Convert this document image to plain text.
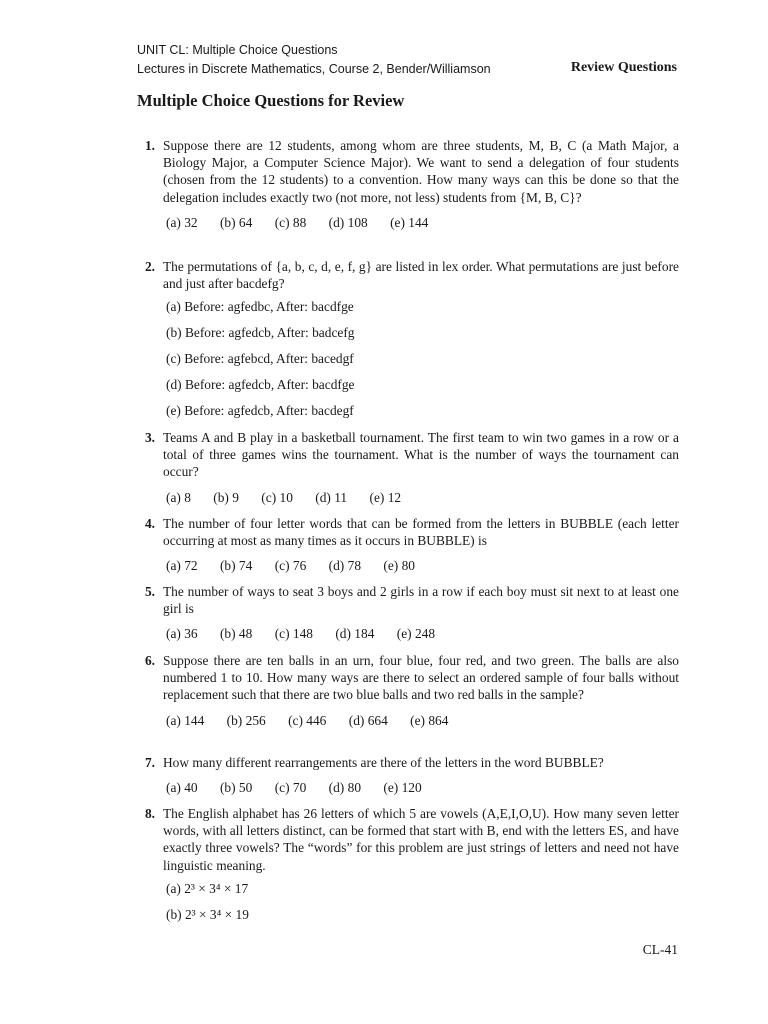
UNIT CL: Multiple Choice Questions
Lectures in Discrete Mathematics, Course 2, Bender/Williamson	Review Questions
Multiple Choice Questions for Review
1. Suppose there are 12 students, among whom are three students, M, B, C (a Math Major, a Biology Major, a Computer Science Major). We want to send a delegation of four students (chosen from the 12 students) to a convention. How many ways can this be done so that the delegation includes exactly two (not more, not less) students from {M, B, C}?
(a) 32 (b) 64 (c) 88 (d) 108 (e) 144
2. The permutations of {a, b, c, d, e, f, g} are listed in lex order. What permutations are just before and just after bacdefg?
(a) Before: agfedbc, After: bacdfge
(b) Before: agfedcb, After: badcefg
(c) Before: agfebcd, After: bacedgf
(d) Before: agfedcb, After: bacdfge
(e) Before: agfedcb, After: bacdegf
3. Teams A and B play in a basketball tournament. The first team to win two games in a row or a total of three games wins the tournament. What is the number of ways the tournament can occur?
(a) 8 (b) 9 (c) 10 (d) 11 (e) 12
4. The number of four letter words that can be formed from the letters in BUBBLE (each letter occurring at most as many times as it occurs in BUBBLE) is
(a) 72 (b) 74 (c) 76 (d) 78 (e) 80
5. The number of ways to seat 3 boys and 2 girls in a row if each boy must sit next to at least one girl is
(a) 36 (b) 48 (c) 148 (d) 184 (e) 248
6. Suppose there are ten balls in an urn, four blue, four red, and two green. The balls are also numbered 1 to 10. How many ways are there to select an ordered sample of four balls without replacement such that there are two blue balls and two red balls in the sample?
(a) 144 (b) 256 (c) 446 (d) 664 (e) 864
7. How many different rearrangements are there of the letters in the word BUBBLE?
(a) 40 (b) 50 (c) 70 (d) 80 (e) 120
8. The English alphabet has 26 letters of which 5 are vowels (A,E,I,O,U). How many seven letter words, with all letters distinct, can be formed that start with B, end with the letters ES, and have exactly three vowels? The “words” for this problem are just strings of letters and need not have linguistic meaning.
(a) 2³ × 3⁴ × 17
(b) 2³ × 3⁴ × 19
CL-41
